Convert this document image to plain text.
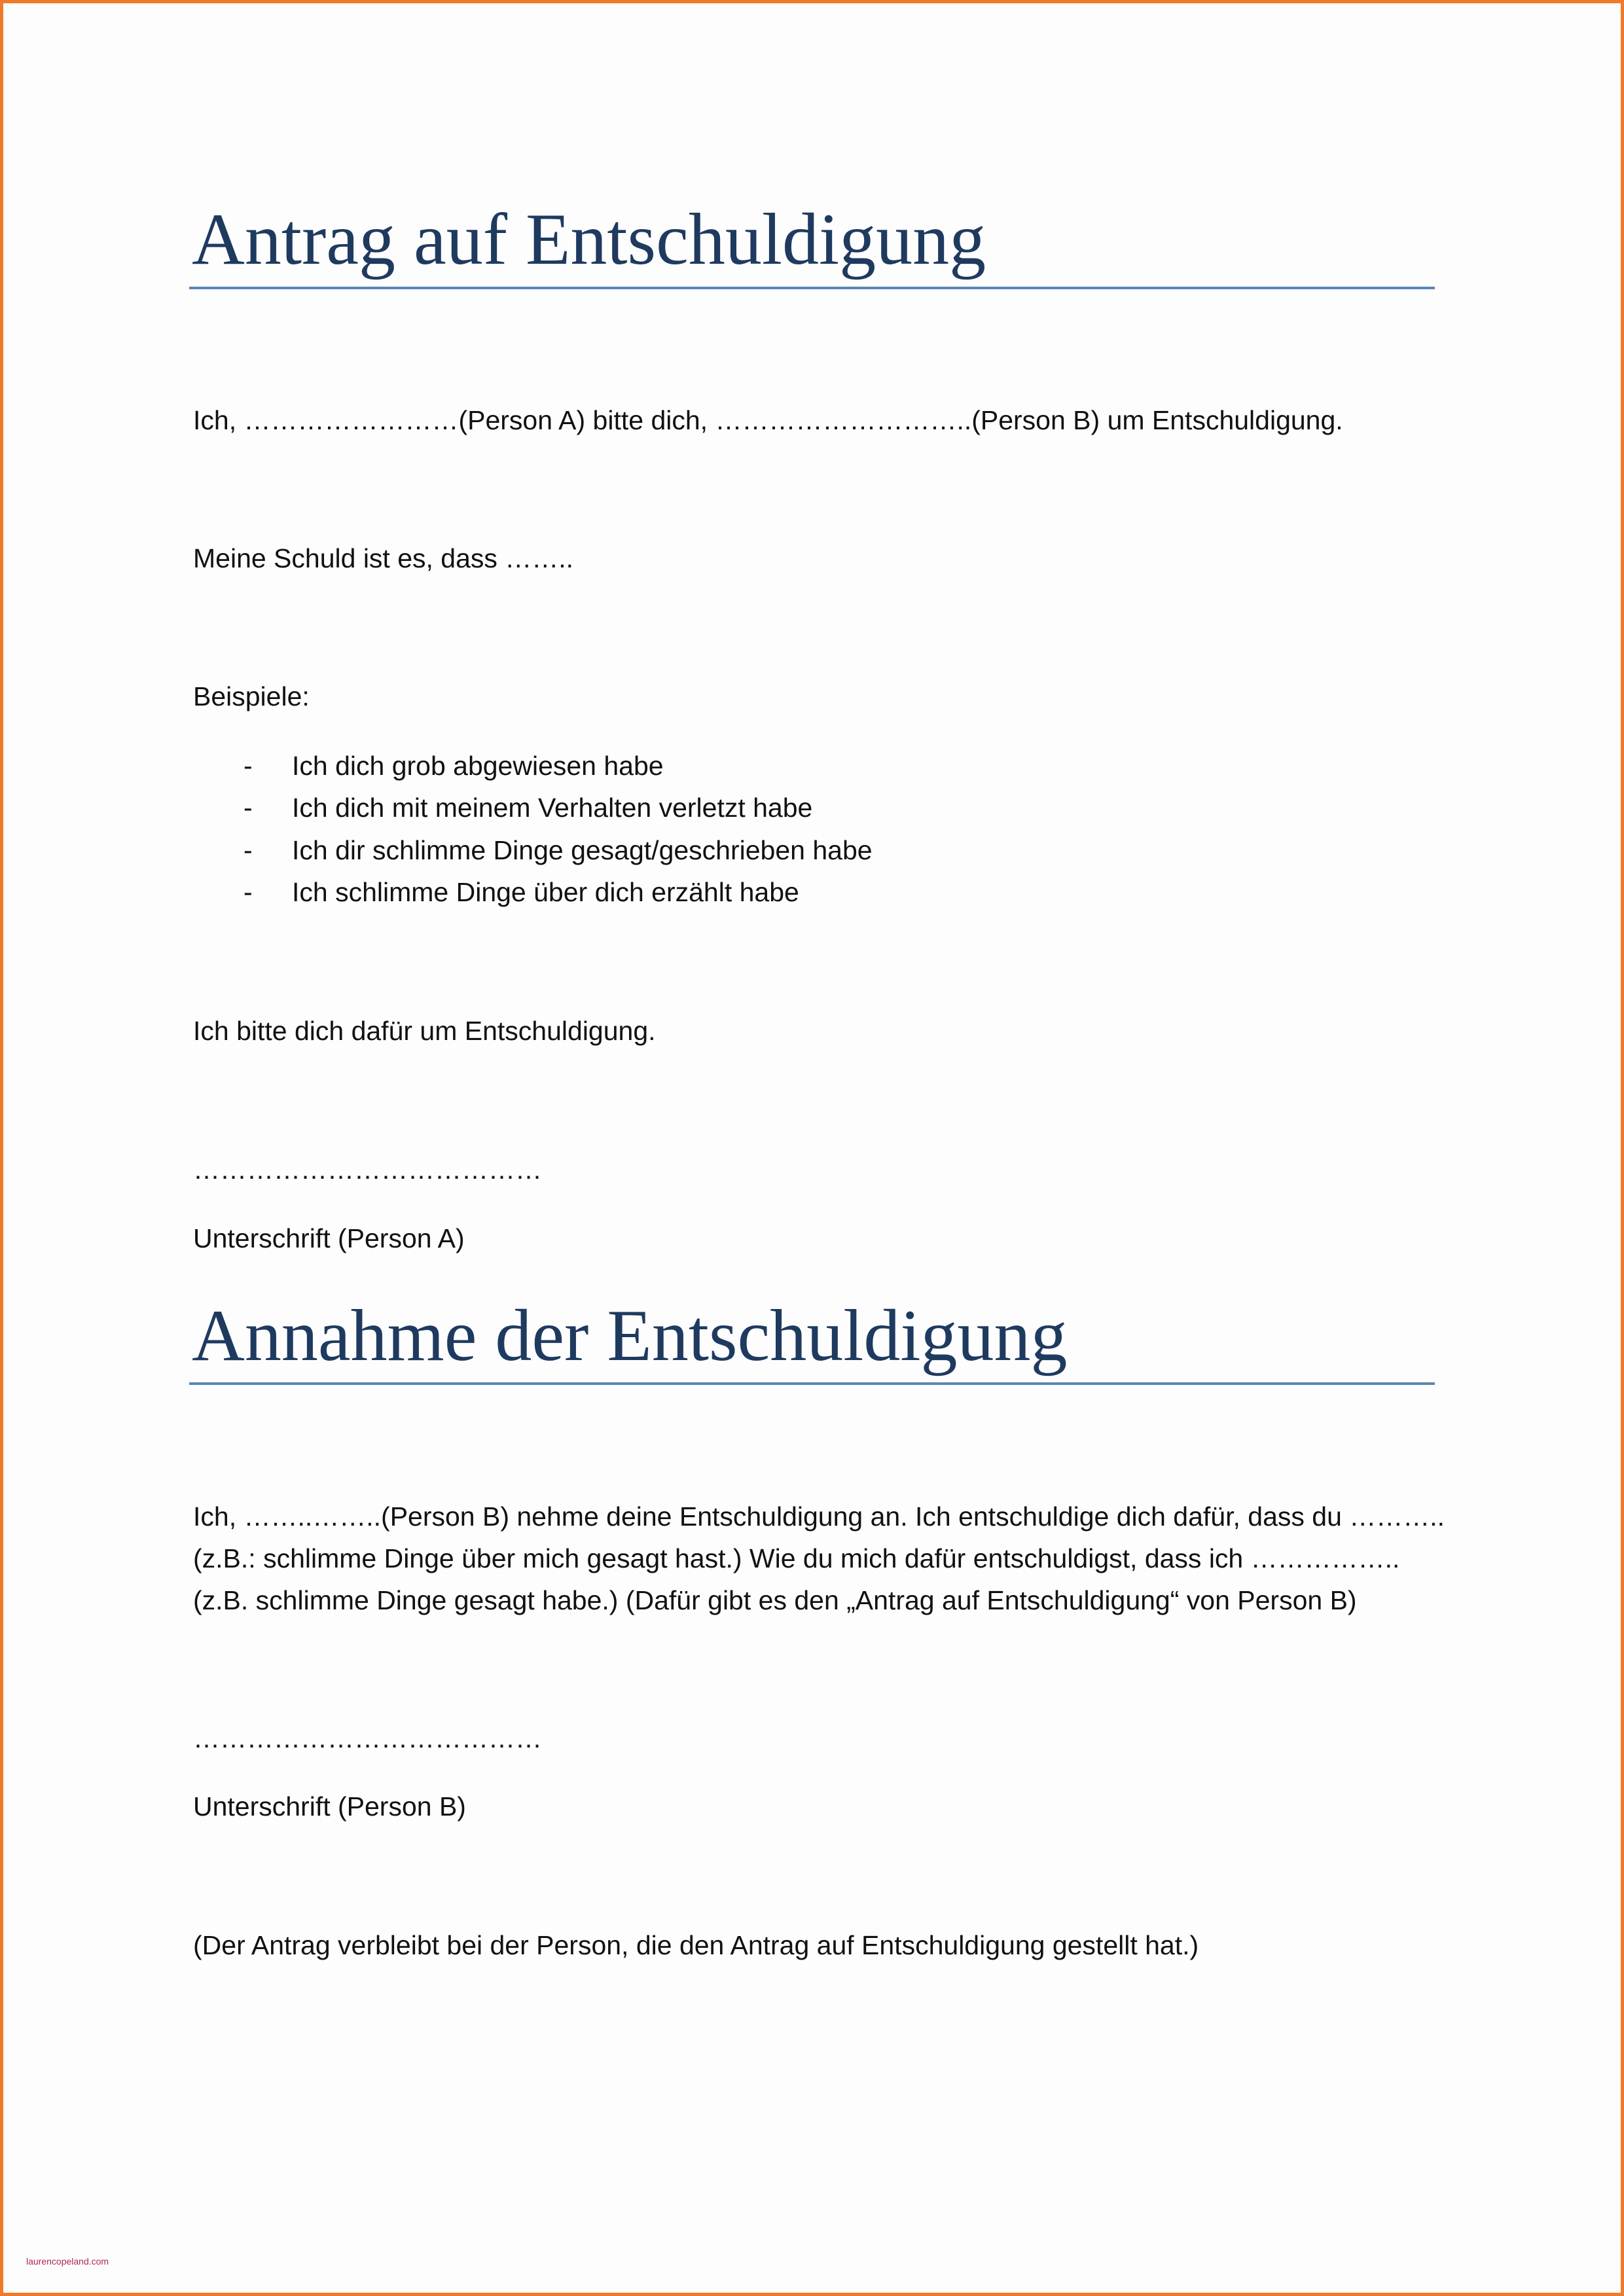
Antrag auf Entschuldigung

Ich, ……………………(Person A) bitte dich, ………………………..(Person B) um Entschuldigung.

Meine Schuld ist es, dass ……..

Beispiele:

- Ich dich grob abgewiesen habe
- Ich dich mit meinem Verhalten verletzt habe
- Ich dir schlimme Dinge gesagt/geschrieben habe
- Ich schlimme Dinge über dich erzählt habe

Ich bitte dich dafür um Entschuldigung.

…………………………………

Unterschrift (Person A)

Annahme der Entschuldigung

Ich, ……..……..(Person B) nehme deine Entschuldigung an. Ich entschuldige dich dafür, dass du ………..

(z.B.: schlimme Dinge über mich gesagt hast.) Wie du mich dafür entschuldigst, dass ich ……………..

(z.B. schlimme Dinge gesagt habe.) (Dafür gibt es den „Antrag auf Entschuldigung“ von Person B)

…………………………………

Unterschrift (Person B)

(Der Antrag verbleibt bei der Person, die den Antrag auf Entschuldigung gestellt hat.)

laurencopeland.com
